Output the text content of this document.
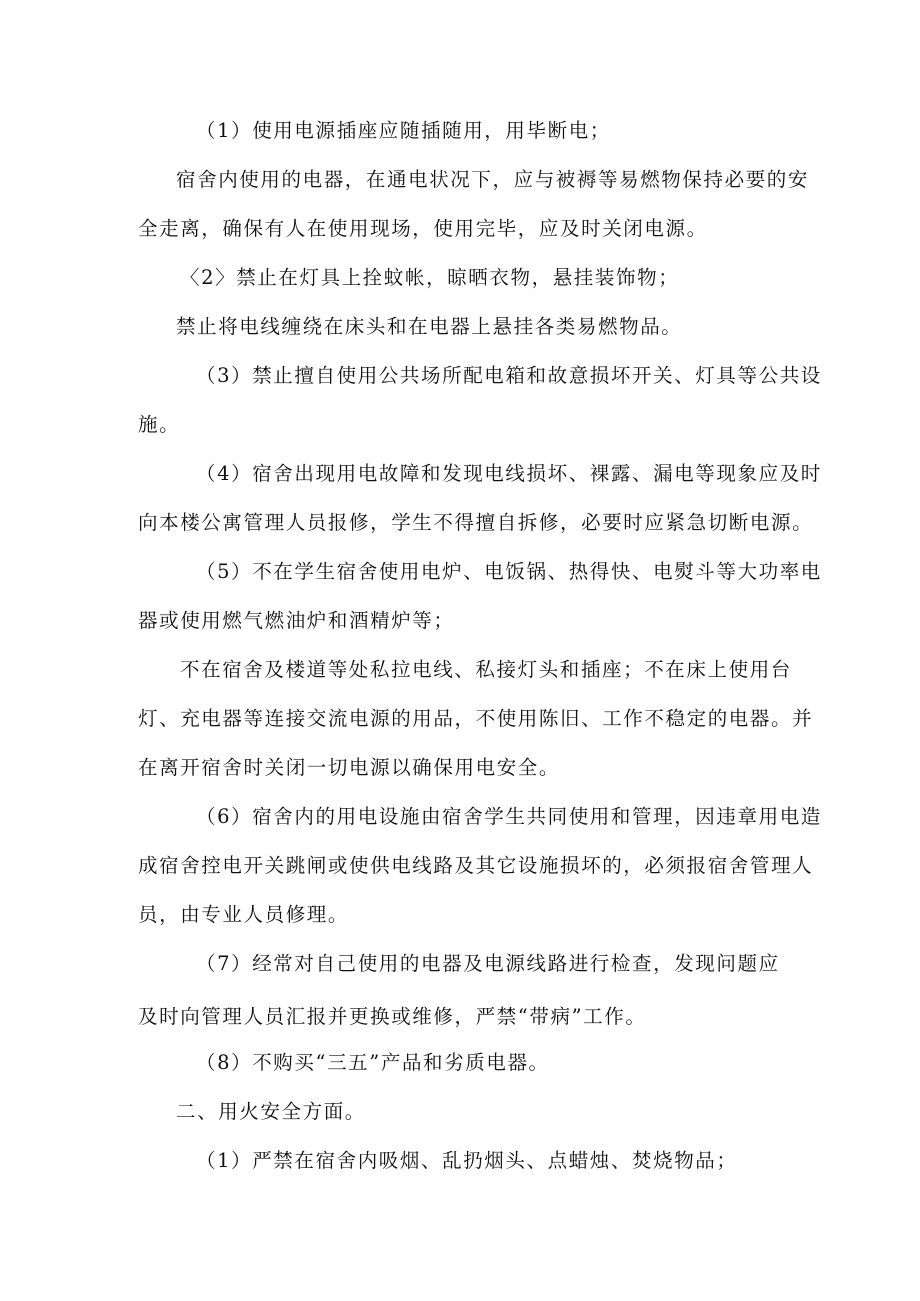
（1）使用电源插座应随插随用，用毕断电；
宿舍内使用的电器，在通电状况下，应与被褥等易燃物保持必要的安
全走离，确保有人在使用现场，使用完毕，应及时关闭电源。
〈2〉禁止在灯具上拴蚊帐，晾晒衣物，悬挂装饰物；
禁止将电线缠绕在床头和在电器上悬挂各类易燃物品。
（3）禁止擅自使用公共场所配电箱和故意损坏开关、灯具等公共设
施。
（4）宿舍出现用电故障和发现电线损坏、裸露、漏电等现象应及时
向本楼公寓管理人员报修，学生不得擅自拆修，必要时应紧急切断电源。
（5）不在学生宿舍使用电炉、电饭锅、热得快、电熨斗等大功率电
器或使用燃气燃油炉和酒精炉等；
不在宿舍及楼道等处私拉电线、私接灯头和插座；不在床上使用台
灯、充电器等连接交流电源的用品，不使用陈旧、工作不稳定的电器。并
在离开宿舍时关闭一切电源以确保用电安全。
（6）宿舍内的用电设施由宿舍学生共同使用和管理，因违章用电造
成宿舍控电开关跳闸或使供电线路及其它设施损坏的，必须报宿舍管理人
员，由专业人员修理。
（7）经常对自己使用的电器及电源线路进行检查，发现问题应
及时向管理人员汇报并更换或维修，严禁“带病”工作。
（8）不购买“三五”产品和劣质电器。
二、用火安全方面。
（1）严禁在宿舍内吸烟、乱扔烟头、点蜡烛、焚烧物品；
